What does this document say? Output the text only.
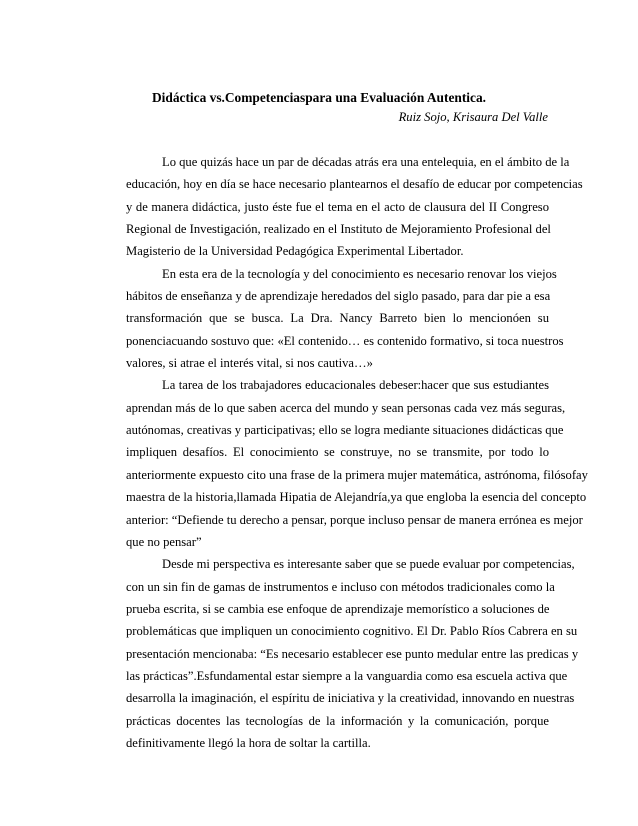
Didáctica vs.Competenciaspara una Evaluación Autentica.
Ruiz Sojo, Krisaura Del Valle
Lo que quizás hace un par de décadas atrás era una entelequia, en el ámbito de la
educación, hoy en día se hace necesario plantearnos el desafío de educar por competencias
y de manera didáctica, justo éste fue el tema en el acto de clausura del II Congreso
Regional de Investigación, realizado en el Instituto de Mejoramiento Profesional del
Magisterio de la Universidad Pedagógica Experimental Libertador.
En esta era de la tecnología y del conocimiento es necesario renovar los viejos
hábitos de enseñanza y de aprendizaje heredados del siglo pasado, para dar pie a esa
transformación que se busca. La Dra. Nancy Barreto bien lo mencionóen su
ponenciacuando sostuvo que: «El contenido… es contenido formativo, si toca nuestros
valores, si atrae el interés vital, si nos cautiva…»
La tarea de los trabajadores educacionales debeser:hacer que sus estudiantes
aprendan más de lo que saben acerca del mundo y sean personas cada vez más seguras,
autónomas, creativas y participativas; ello se logra mediante situaciones didácticas que
impliquen desafíos. El conocimiento se construye, no se transmite, por todo lo
anteriormente expuesto cito una frase de la primera mujer matemática, astrónoma, filósofay
maestra de la historia,llamada Hipatia de Alejandría,ya que engloba la esencia del concepto
anterior: “Defiende tu derecho a pensar, porque incluso pensar de manera errónea es mejor
que no pensar”
Desde mi perspectiva es interesante saber que se puede evaluar por competencias,
con un sin fin de gamas de instrumentos e incluso con métodos tradicionales como la
prueba escrita, si se cambia ese enfoque de aprendizaje memorístico a soluciones de
problemáticas que impliquen un conocimiento cognitivo. El Dr. Pablo Ríos Cabrera en su
presentación mencionaba: “Es necesario establecer ese punto medular entre las predicas y
las prácticas”.Esfundamental estar siempre a la vanguardia como esa escuela activa que
desarrolla la imaginación, el espíritu de iniciativa y la creatividad, innovando en nuestras
prácticas docentes las tecnologías de la información y la comunicación, porque
definitivamente llegó la hora de soltar la cartilla.
